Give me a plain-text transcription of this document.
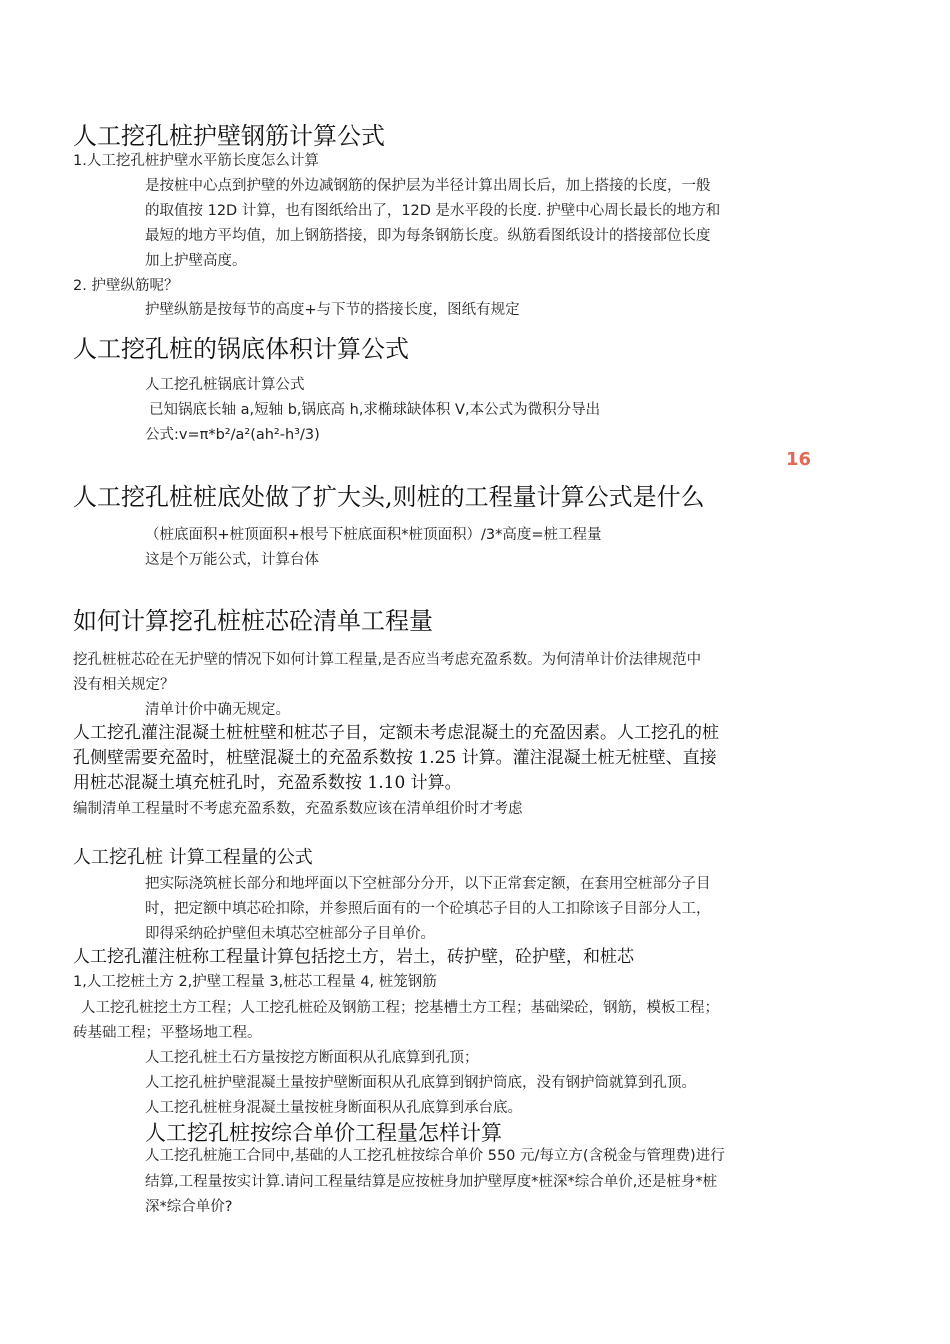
人工挖孔桩护壁钢筋计算公式
1.人工挖孔桩护壁水平筋长度怎么计算
是按桩中心点到护壁的外边减钢筋的保护层为半径计算出周长后，加上搭接的长度，一般
的取值按 12D 计算，也有图纸给出了，12D 是水平段的长度. 护壁中心周长最长的地方和
最短的地方平均值，加上钢筋搭接，即为每条钢筋长度。纵筋看图纸设计的搭接部位长度
加上护壁高度。
2. 护壁纵筋呢？
护壁纵筋是按每节的高度+与下节的搭接长度，图纸有规定
人工挖孔桩的锅底体积计算公式
人工挖孔桩锅底计算公式
已知锅底长轴 a,短轴 b,锅底高 h,求椭球缺体积 V,本公式为微积分导出
公式:v=π*b²/a²(ah²-h³/3)
16
人工挖孔桩桩底处做了扩大头,则桩的工程量计算公式是什么
（桩底面积+桩顶面积+根号下桩底面积*桩顶面积）/3*高度=桩工程量
这是个万能公式，计算台体
如何计算挖孔桩桩芯砼清单工程量
挖孔桩桩芯砼在无护壁的情况下如何计算工程量,是否应当考虑充盈系数。为何清单计价法律规范中
没有相关规定？
清单计价中确无规定。
人工挖孔灌注混凝土桩桩壁和桩芯子目，定额未考虑混凝土的充盈因素。人工挖孔的桩
孔侧壁需要充盈时，桩壁混凝土的充盈系数按 1.25 计算。灌注混凝土桩无桩壁、直接
用桩芯混凝土填充桩孔时，充盈系数按 1.10 计算。
编制清单工程量时不考虑充盈系数，充盈系数应该在清单组价时才考虑
人工挖孔桩 计算工程量的公式
把实际浇筑桩长部分和地坪面以下空桩部分分开，以下正常套定额，在套用空桩部分子目
时，把定额中填芯砼扣除，并参照后面有的一个砼填芯子目的人工扣除该子目部分人工，
即得采纳砼护壁但未填芯空桩部分子目单价。
人工挖孔灌注桩称工程量计算包括挖土方，岩土，砖护壁，砼护壁，和桩芯
1,人工挖桩土方 2,护壁工程量 3,桩芯工程量 4, 桩笼钢筋
人工挖孔桩挖土方工程；人工挖孔桩砼及钢筋工程；挖基槽土方工程；基础梁砼，钢筋，模板工程；
砖基础工程；平整场地工程。
人工挖孔桩土石方量按挖方断面积从孔底算到孔顶；
人工挖孔桩护壁混凝土量按护壁断面积从孔底算到钢护筒底，没有钢护筒就算到孔顶。
人工挖孔桩桩身混凝土量按桩身断面积从孔底算到承台底。
人工挖孔桩按综合单价工程量怎样计算
人工挖孔桩施工合同中,基础的人工挖孔桩按综合单价 550 元/每立方(含税金与管理费)进行
结算,工程量按实计算.请问工程量结算是应按桩身加护壁厚度*桩深*综合单价,还是桩身*桩
深*综合单价?
